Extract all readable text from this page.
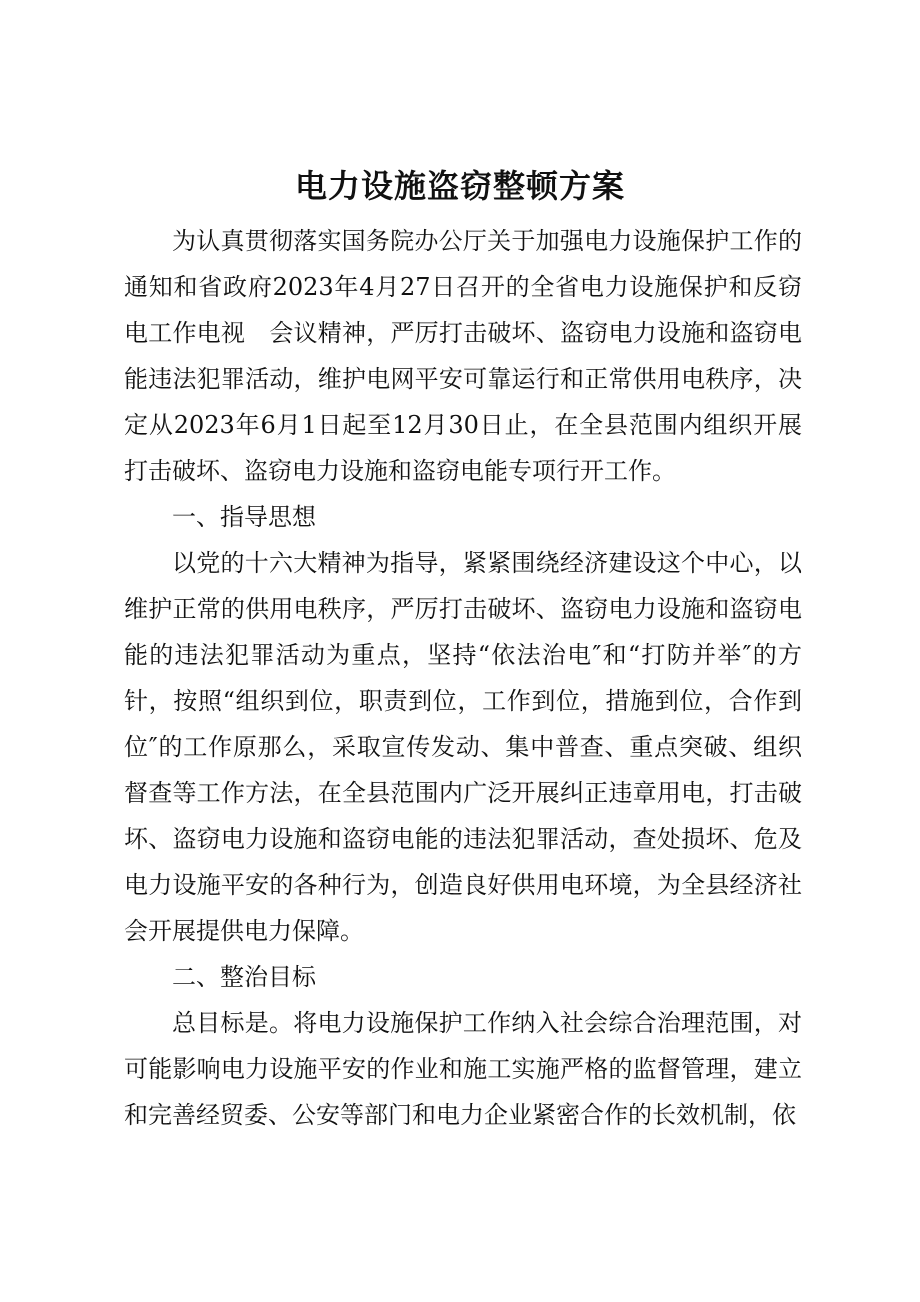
电力设施盗窃整顿方案

为认真贯彻落实国务院办公厅关于加强电力设施保护工作的通知和省政府2023年4月27日召开的全省电力设施保护和反窃电工作电视　会议精神，严厉打击破坏、盗窃电力设施和盗窃电能违法犯罪活动，维护电网平安可靠运行和正常供用电秩序，决定从2023年6月1日起至12月30日止，在全县范围内组织开展打击破坏、盗窃电力设施和盗窃电能专项行开工作。

一、指导思想

以党的十六大精神为指导，紧紧围绕经济建设这个中心，以维护正常的供用电秩序，严厉打击破坏、盗窃电力设施和盗窃电能的违法犯罪活动为重点，坚持“依法治电″和“打防并举″的方针，按照“组织到位，职责到位，工作到位，措施到位，合作到位″的工作原那么，采取宣传发动、集中普查、重点突破、组织督查等工作方法，在全县范围内广泛开展纠正违章用电，打击破坏、盗窃电力设施和盗窃电能的违法犯罪活动，查处损坏、危及电力设施平安的各种行为，创造良好供用电环境，为全县经济社会开展提供电力保障。

二、整治目标

总目标是。将电力设施保护工作纳入社会综合治理范围，对可能影响电力设施平安的作业和施工实施严格的监督管理，建立和完善经贸委、公安等部门和电力企业紧密合作的长效机制，依
